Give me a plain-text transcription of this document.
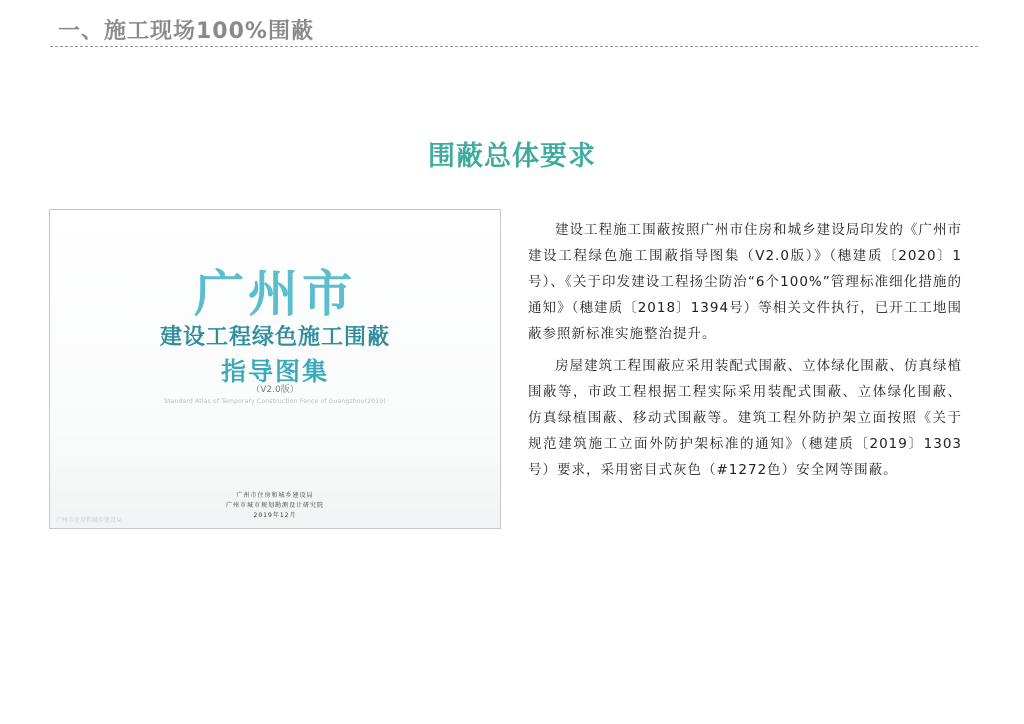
一、施工现场100%围蔽
围蔽总体要求
广州市
建设工程绿色施工围蔽
指导图集
（V2.0版）
Standard Atlas of Temporary Construction Fence of Guangzhou(2019)
广州市住房和城乡建设局
广州市城市规划勘测设计研究院
2019年12月
广州市住房和城乡建设局

建设工程施工围蔽按照广州市住房和城乡建设局印发的《广州市建设工程绿色施工围蔽指导图集（V2.0版）》（穗建质〔2020〕1号）、《关于印发建设工程扬尘防治“6个100%”管理标准细化措施的通知》（穗建质〔2018〕1394号）等相关文件执行，已开工工地围蔽参照新标准实施整治提升。

房屋建筑工程围蔽应采用装配式围蔽、立体绿化围蔽、仿真绿植围蔽等，市政工程根据工程实际采用装配式围蔽、立体绿化围蔽、仿真绿植围蔽、移动式围蔽等。建筑工程外防护架立面按照《关于规范建筑施工立面外防护架标准的通知》（穗建质〔2019〕1303号）要求，采用密目式灰色（#1272色）安全网等围蔽。
